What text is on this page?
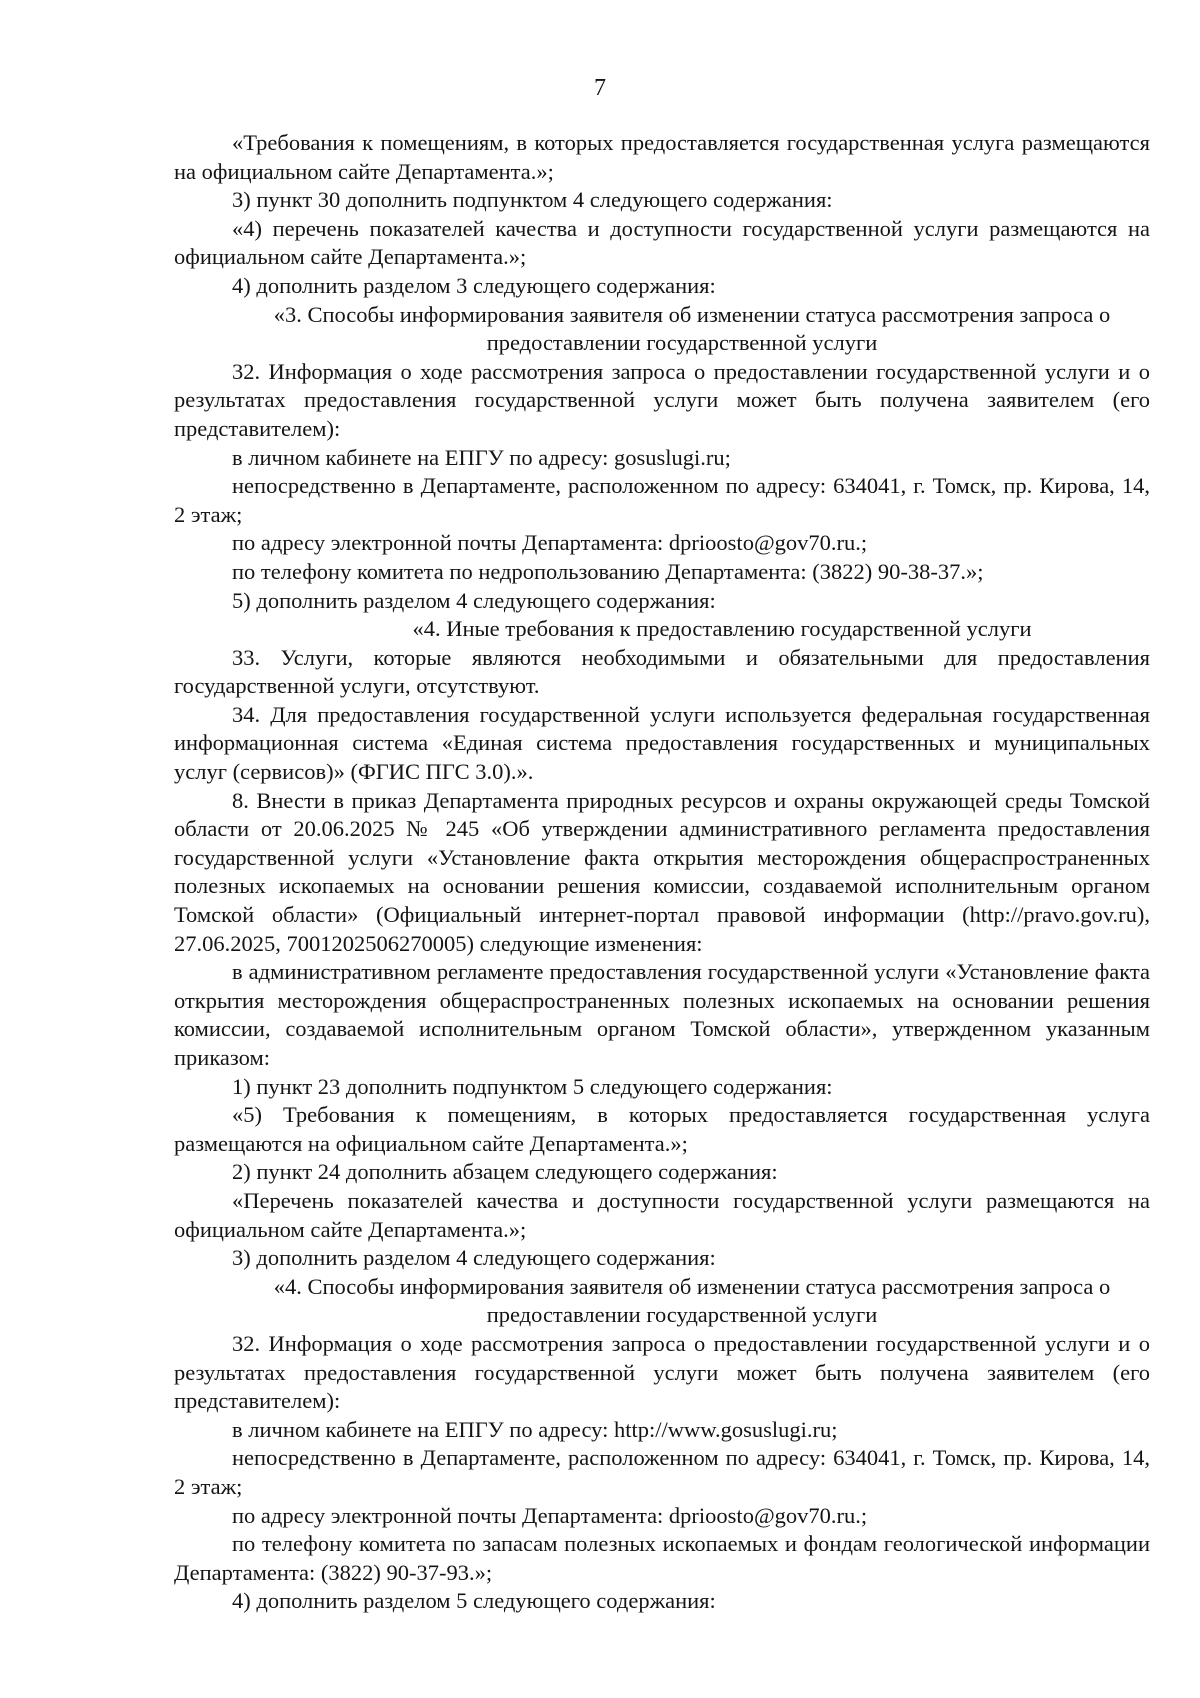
7

«Требования к помещениям, в которых предоставляется государственная услуга размещаются на официальном сайте Департамента.»;

3) пункт 30 дополнить подпунктом 4 следующего содержания:

«4) перечень показателей качества и доступности государственной услуги размещаются на официальном сайте Департамента.»;

4) дополнить разделом 3 следующего содержания:

«3. Способы информирования заявителя об изменении статуса рассмотрения запроса о

предоставлении государственной услуги

32. Информация о ходе рассмотрения запроса о предоставлении государственной услуги и о результатах предоставления государственной услуги может быть получена заявителем (его представителем):

в личном кабинете на ЕПГУ по адресу: gosuslugi.ru;

непосредственно в Департаменте, расположенном по адресу: 634041, г. Томск, пр. Кирова, 14, 2 этаж;

по адресу электронной почты Департамента: dprioosto@gov70.ru.;

по телефону комитета по недропользованию Департамента: (3822) 90-38-37.»;

5) дополнить разделом 4 следующего содержания:

«4. Иные требования к предоставлению государственной услуги

33. Услуги, которые являются необходимыми и обязательными для предоставления государственной услуги, отсутствуют.

34. Для предоставления государственной услуги используется федеральная государственная информационная система «Единая система предоставления государственных и муниципальных услуг (сервисов)» (ФГИС ПГС 3.0).».

8. Внести в приказ Департамента природных ресурсов и охраны окружающей среды Томской области от 20.06.2025 № 245 «Об утверждении административного регламента предоставления государственной услуги «Установление факта открытия месторождения общераспространенных полезных ископаемых на основании решения комиссии, создаваемой исполнительным органом Томской области» (Официальный интернет-портал правовой информации (http://pravo.gov.ru), 27.06.2025, 7001202506270005) следующие изменения:

в административном регламенте предоставления государственной услуги «Установление факта открытия месторождения общераспространенных полезных ископаемых на основании решения комиссии, создаваемой исполнительным органом Томской области», утвержденном указанным приказом:

1) пункт 23 дополнить подпунктом 5 следующего содержания:

«5) Требования к помещениям, в которых предоставляется государственная услуга размещаются на официальном сайте Департамента.»;

2) пункт 24 дополнить абзацем следующего содержания:

«Перечень показателей качества и доступности государственной услуги размещаются на официальном сайте Департамента.»;

3) дополнить разделом 4 следующего содержания:

«4. Способы информирования заявителя об изменении статуса рассмотрения запроса о

предоставлении государственной услуги

32. Информация о ходе рассмотрения запроса о предоставлении государственной услуги и о результатах предоставления государственной услуги может быть получена заявителем (его представителем):

в личном кабинете на ЕПГУ по адресу: http://www.gosuslugi.ru;

непосредственно в Департаменте, расположенном по адресу: 634041, г. Томск, пр. Кирова, 14, 2 этаж;

по адресу электронной почты Департамента: dprioosto@gov70.ru.;

по телефону комитета по запасам полезных ископаемых и фондам геологической информации Департамента: (3822) 90-37-93.»;

4) дополнить разделом 5 следующего содержания:
